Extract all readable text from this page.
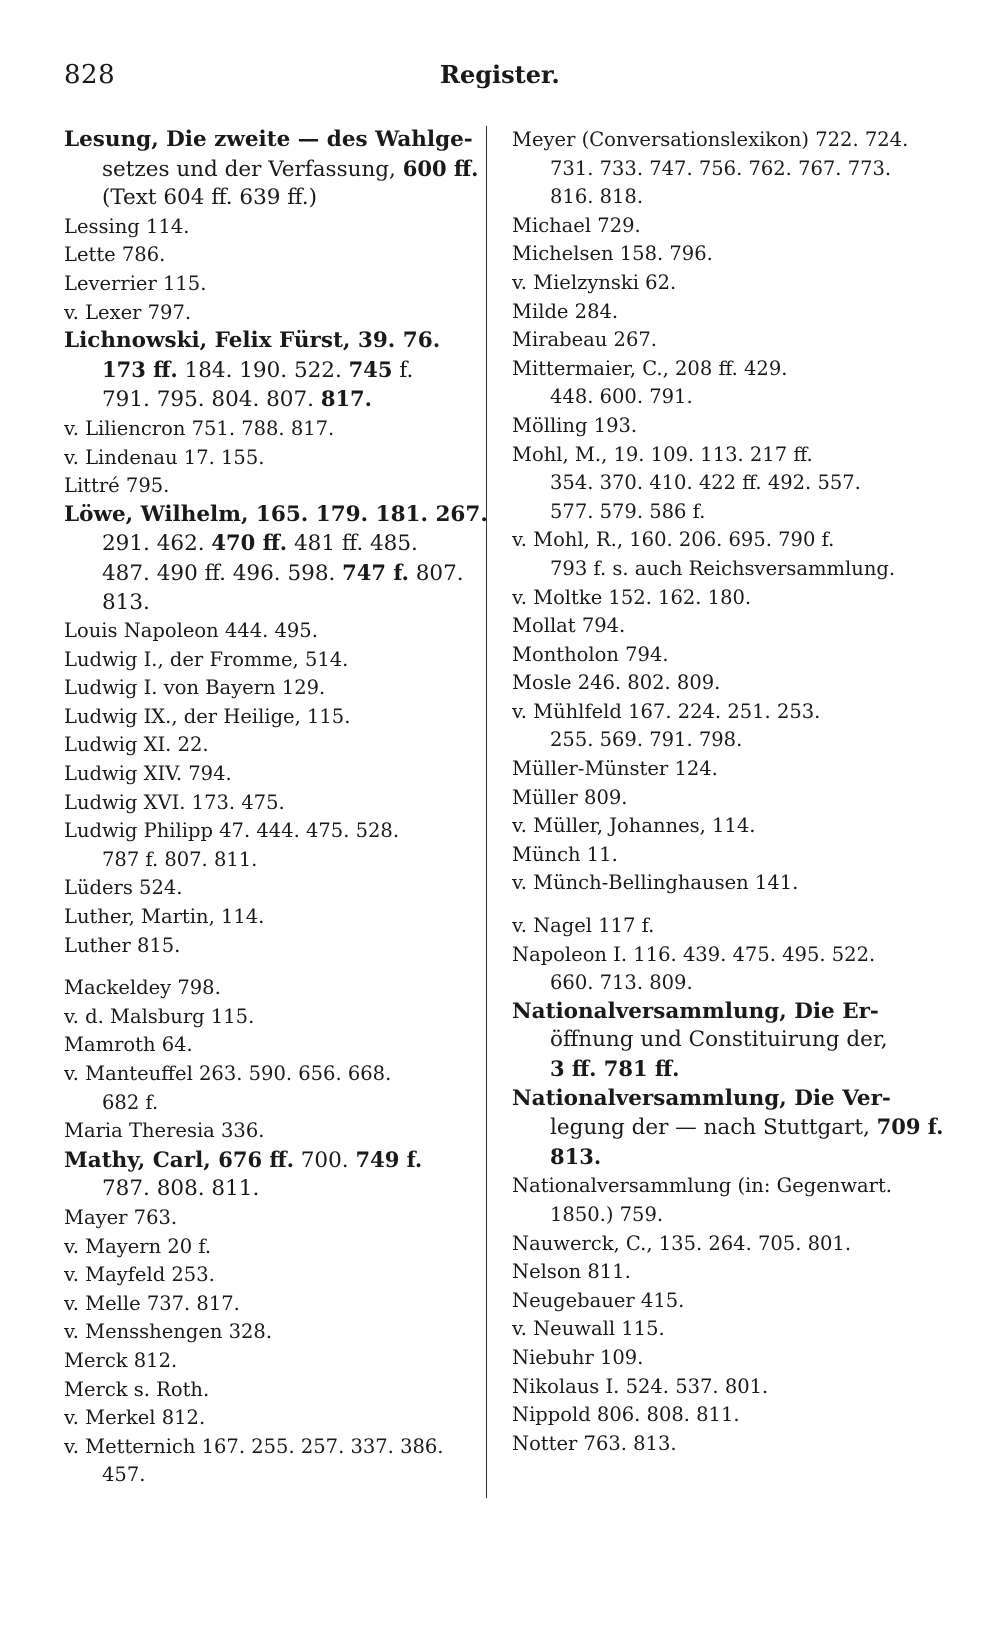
828	Register.
Lesung, Die zweite — des Wahlge-
setzes und der Verfassung, 600 ff.
(Text 604 ff. 639 ff.)
Lessing 114.
Lette 786.
Leverrier 115.
v. Lexer 797.
Lichnowski, Felix Fürst, 39. 76.
173 ff. 184. 190. 522. 745 f.
791. 795. 804. 807. 817.
v. Liliencron 751. 788. 817.
v. Lindenau 17. 155.
Littré 795.
Löwe, Wilhelm, 165. 179. 181. 267.
291. 462. 470 ff. 481 ff. 485.
487. 490 ff. 496. 598. 747 f. 807.
813.
Louis Napoleon 444. 495.
Ludwig I., der Fromme, 514.
Ludwig I. von Bayern 129.
Ludwig IX., der Heilige, 115.
Ludwig XI. 22.
Ludwig XIV. 794.
Ludwig XVI. 173. 475.
Ludwig Philipp 47. 444. 475. 528.
787 f. 807. 811.
Lüders 524.
Luther, Martin, 114.
Luther 815.
Mackeldey 798.
v. d. Malsburg 115.
Mamroth 64.
v. Manteuffel 263. 590. 656. 668.
682 f.
Maria Theresia 336.
Mathy, Carl, 676 ff. 700. 749 f.
787. 808. 811.
Mayer 763.
v. Mayern 20 f.
v. Mayfeld 253.
v. Melle 737. 817.
v. Mensshengen 328.
Merck 812.
Merck s. Roth.
v. Merkel 812.
v. Metternich 167. 255. 257. 337. 386.
457.
Meyer (Conversationslexikon) 722. 724.
731. 733. 747. 756. 762. 767. 773.
816. 818.
Michael 729.
Michelsen 158. 796.
v. Mielzynski 62.
Milde 284.
Mirabeau 267.
Mittermaier, C., 208 ff. 429.
448. 600. 791.
Mölling 193.
Mohl, M., 19. 109. 113. 217 ff.
354. 370. 410. 422 ff. 492. 557.
577. 579. 586 f.
v. Mohl, R., 160. 206. 695. 790 f.
793 f. s. auch Reichsversammlung.
v. Moltke 152. 162. 180.
Mollat 794.
Montholon 794.
Mosle 246. 802. 809.
v. Mühlfeld 167. 224. 251. 253.
255. 569. 791. 798.
Müller-Münster 124.
Müller 809.
v. Müller, Johannes, 114.
Münch 11.
v. Münch-Bellinghausen 141.
v. Nagel 117 f.
Napoleon I. 116. 439. 475. 495. 522.
660. 713. 809.
Nationalversammlung, Die Er-
öffnung und Constituirung der,
3 ff. 781 ff.
Nationalversammlung, Die Ver-
legung der — nach Stuttgart, 709 f.
813.
Nationalversammlung (in: Gegenwart.
1850.) 759.
Nauwerck, C., 135. 264. 705. 801.
Nelson 811.
Neugebauer 415.
v. Neuwall 115.
Niebuhr 109.
Nikolaus I. 524. 537. 801.
Nippold 806. 808. 811.
Notter 763. 813.
